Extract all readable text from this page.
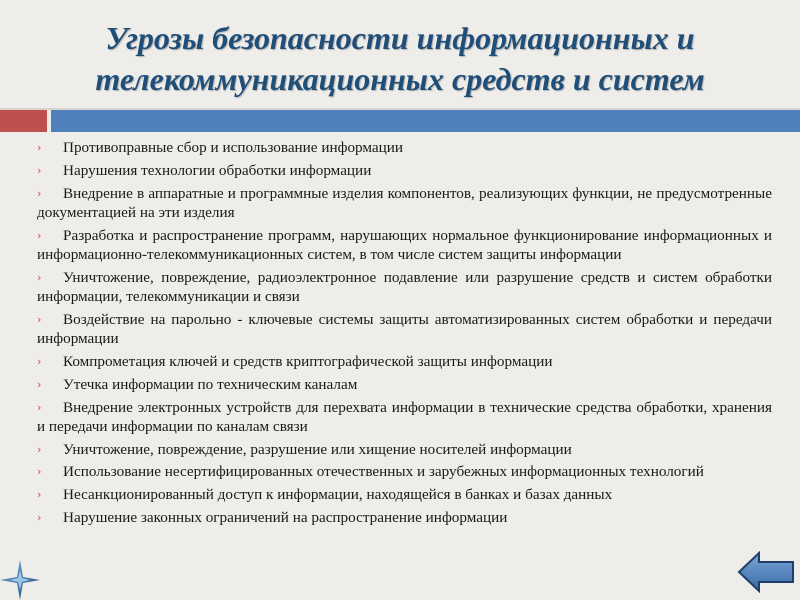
Угрозы безопасности информационных и телекоммуникационных средств и систем
› Противоправные сбор и использование информации
› Нарушения технологии обработки информации
› Внедрение в аппаратные и программные изделия компонентов, реализующих функции, не предусмотренные документацией на эти изделия
› Разработка и распространение программ, нарушающих нормальное функционирование информационных и информационно-телекоммуникационных систем, в том числе систем защиты информации
› Уничтожение, повреждение, радиоэлектронное подавление или разрушение средств и систем обработки информации, телекоммуникации и связи
› Воздействие на парольно - ключевые системы защиты автоматизированных систем обработки и передачи информации
› Компрометация ключей и средств криптографической защиты информации
› Утечка информации по техническим каналам
› Внедрение электронных устройств для перехвата информации в технические средства обработки, хранения и передачи информации по каналам связи
› Уничтожение, повреждение, разрушение или хищение носителей информации
› Использование несертифицированных отечественных и зарубежных информационных технологий
› Несанкционированный доступ к информации, находящейся в банках и базах данных
› Нарушение законных ограничений на распространение информации
